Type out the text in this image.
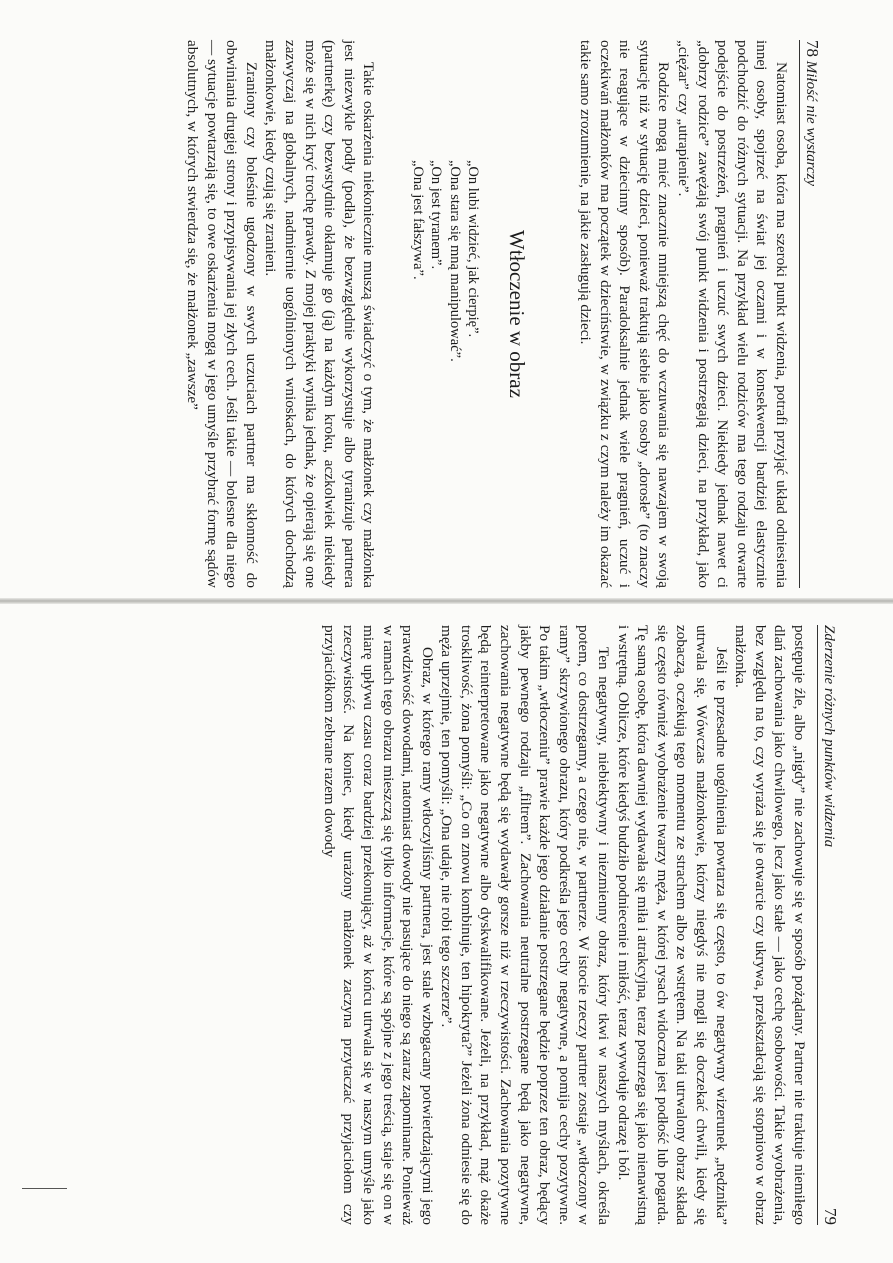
78 Miłość nie wystarczy

Natomiast osoba, która ma szeroki punkt widzenia, potrafi przyjąć układ odniesienia innej osoby, spojrzeć na świat jej oczami i w konsekwencji bardziej elastycznie podchodzić do różnych sytuacji. Na przykład wielu rodziców ma tego rodzaju otwarte podejście do postrzeżeń, pragnień i uczuć swych dzieci. Niekiedy jednak nawet ci „dobrzy rodzice” zawężają swój punkt widzenia i postrzegają dzieci, na przykład, jako „ciężar” czy „utrapienie”.

Rodzice mogą mieć znacznie mniejszą chęć do wczuwania się nawzajem w swoją sytuację niż w sytuację dzieci, ponieważ traktują siebie jako osoby „dorosłe” (to znaczy nie reagujące w dziecinny sposób). Paradoksalnie jednak wiele pragnień, uczuć i oczekiwań małżonków ma początek w dzieciństwie, w związku z czym należy im okazać takie samo zrozumienie, na jakie zasługują dzieci.

Wtłoczenie w obraz
„On lubi widzieć, jak cierpię”.
„Ona stara się mną manipulować”.
„On jest tyranem”.
„Ona jest fałszywa”.

Takie oskarżenia niekoniecznie muszą świadczyć o tym, że małżonek czy małżonka jest niezwykle podły (podła), że bezwzględnie wykorzystuje albo tyranizuje partnera (partnerkę) czy bezwstydnie okłamuje go (ją) na każdym kroku, aczkolwiek niekiedy może się w nich kryć trochę prawdy. Z mojej praktyki wynika jednak, że opierają się one zazwyczaj na globalnych, nadmiernie uogólnionych wnioskach, do których dochodzą małżonkowie, kiedy czują się zranieni.

Zraniony czy boleśnie ugodzony w swych uczuciach partner ma skłonność do obwiniania drugiej strony i przypisywania jej złych cech. Jeśli takie — bolesne dla niego — sytuacje powtarzają się, to owe oskarżenia mogą w jego umyśle przybrać formę sądów absolutnych, w których stwierdza się, że małżonek „zawsze”

Zderzenie różnych punktów widzenia
79

postępuje źle, albo „nigdy” nie zachowuje się w sposób pożądany. Partner nie traktuje niemiłego dlań zachowania jako chwilowego, lecz jako stałe — jako cechę osobowości. Takie wyobrażenia, bez względu na to, czy wyraża się je otwarcie czy ukrywa, przekształcają się stopniowo w obraz małżonka.

Jeśli te przesadne uogólnienia powtarza się często, to ów negatywny wizerunek „nędznika” utrwala się. Wówczas małżonkowie, którzy niegdyś nie mogli się doczekać chwili, kiedy się zobaczą, oczekują tego momentu ze strachem albo ze wstrętem. Na taki utrwalony obraz składa się często również wyobrażenie twarzy męża, w której rysach widoczna jest podłość lub pogarda. Tę samą osobę, która dawniej wydawała się miła i atrakcyjna, teraz postrzega się jako nienawistną i wstrętną. Oblicze, które kiedyś budziło podniecenie i miłość, teraz wywołuje odrazę i ból.

Ten negatywny, niebiektywny i niezmienny obraz, który tkwi w naszych myślach, określa potem, co dostrzegamy, a czego nie, w partnerze. W istocie rzeczy partner zostaje „wtłoczony w ramy” skrzywionego obrazu, który podkreśla jego cechy negatywne, a pomija cechy pozytywne. Po takim „wtłoczeniu” prawie każde jego działanie postrzegane będzie poprzez ten obraz, będący jakby pewnego rodzaju „filtrem”. Zachowania neutralne postrzegane będą jako negatywne, zachowania negatywne będą się wydawały gorsze niż w rzeczywistości. Zachowania pozytywne będą reinterpretowane jako negatywne albo dyskwalifikowane. Jeżeli, na przykład, mąż okaże troskliwość, żona pomyśli: „Co on znowu kombinuje, ten hipokryta?” Jeżeli żona odniesie się do męża uprzejmie, ten pomyśli: „Ona udaje, nie robi tego szczerze”.

Obraz, w którego ramy wtłoczyliśmy partnera, jest stale wzbogacany potwierdzającymi jego prawdziwość dowodami, natomiast dowody nie pasujące do niego są zaraz zapominane. Ponieważ w ramach tego obrazu mieszczą się tylko informacje, które są spójne z jego treścią, staje się on w miarę upływu czasu coraz bardziej przekonujący, aż w końcu utrwala się w naszym umyśle jako rzeczywistość. Na koniec, kiedy urażony małżonek zaczyna przytaczać przyjaciołom czy przyjaciółkom zebrane razem dowody
